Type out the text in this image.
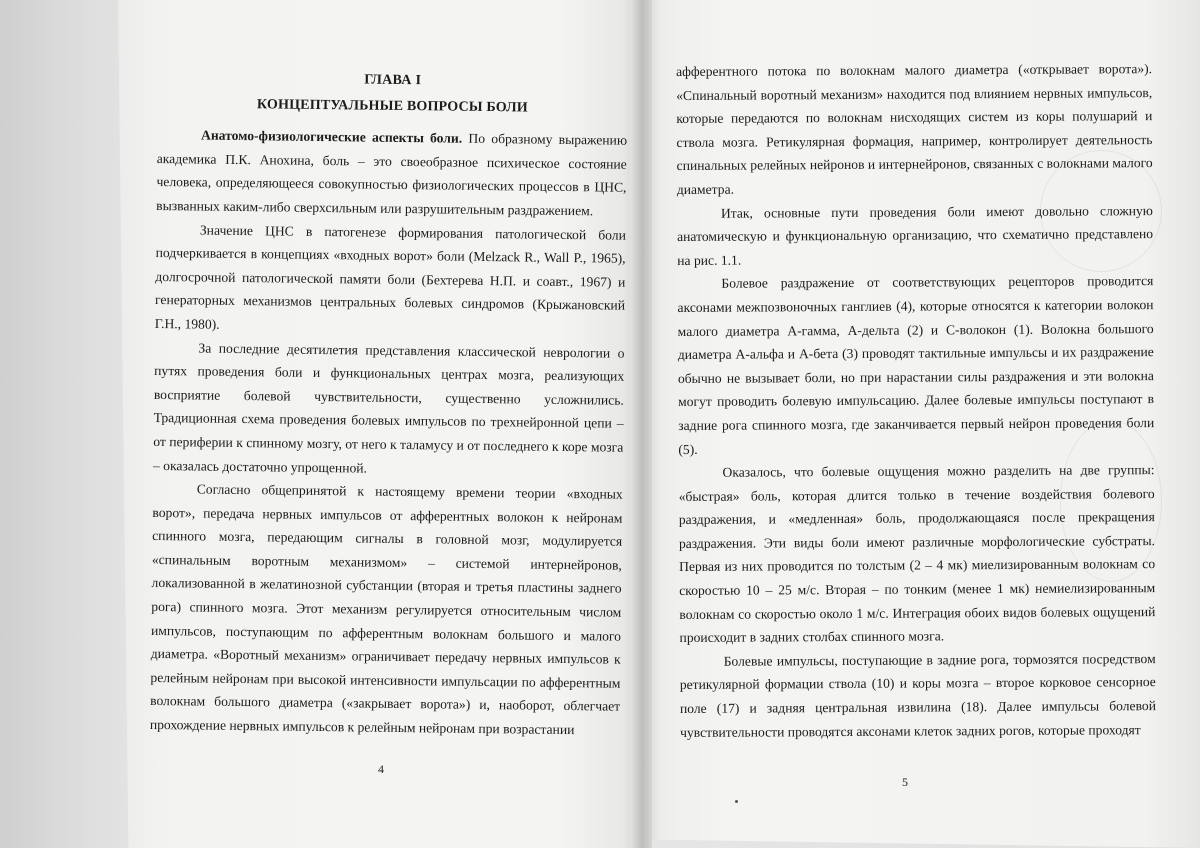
ГЛАВА I
КОНЦЕПТУАЛЬНЫЕ ВОПРОСЫ БОЛИ

Анатомо-физиологические аспекты боли. По образному выражению академика П.К. Анохина, боль – это своеобразное психическое состояние человека, определяющееся совокупностью физиологических процессов в ЦНС, вызванных каким-либо сверхсильным или разрушительным раздражением.

Значение ЦНС в патогенезе формирования патологической боли подчеркивается в концепциях «входных ворот» боли (Melzack R., Wall P., 1965), долгосрочной патологической памяти боли (Бехтерева Н.П. и соавт., 1967) и генераторных механизмов центральных болевых синдромов (Крыжановский Г.Н., 1980).

За последние десятилетия представления классической неврологии о путях проведения боли и функциональных центрах мозга, реализующих восприятие болевой чувствительности, существенно усложнились. Традиционная схема проведения болевых импульсов по трехнейронной цепи – от периферии к спинному мозгу, от него к таламусу и от последнего к коре мозга – оказалась достаточно упрощенной.

Согласно общепринятой к настоящему времени теории «входных ворот», передача нервных импульсов от афферентных волокон к нейронам спинного мозга, передающим сигналы в головной мозг, модулируется «спинальным воротным механизмом» – системой интернейронов, локализованной в желатинозной субстанции (вторая и третья пластины заднего рога) спинного мозга. Этот механизм регулируется относительным числом импульсов, поступающим по афферентным волокнам большого и малого диаметра. «Воротный механизм» ограничивает передачу нервных импульсов к релейным нейронам при высокой интенсивности импульсации по афферентным волокнам большого диаметра («закрывает ворота») и, наоборот, облегчает прохождение нервных импульсов к релейным нейронам при возрастании

4

афферентного потока по волокнам малого диаметра («открывает ворота»). «Спинальный воротный механизм» находится под влиянием нервных импульсов, которые передаются по волокнам нисходящих систем из коры полушарий и ствола мозга. Ретикулярная формация, например, контролирует деятельность спинальных релейных нейронов и интернейронов, связанных с волокнами малого диаметра.

Итак, основные пути проведения боли имеют довольно сложную анатомическую и функциональную организацию, что схематично представлено на рис. 1.1.

Болевое раздражение от соответствующих рецепторов проводится аксонами межпозвоночных ганглиев (4), которые относятся к категории волокон малого диаметра А-гамма, А-дельта (2) и С-волокон (1). Волокна большого диаметра А-альфа и А-бета (3) проводят тактильные импульсы и их раздражение обычно не вызывает боли, но при нарастании силы раздражения и эти волокна могут проводить болевую импульсацию. Далее болевые импульсы поступают в задние рога спинного мозга, где заканчивается первый нейрон проведения боли (5).

Оказалось, что болевые ощущения можно разделить на две группы: «быстрая» боль, которая длится только в течение воздействия болевого раздражения, и «медленная» боль, продолжающаяся после прекращения раздражения. Эти виды боли имеют различные морфологические субстраты. Первая из них проводится по толстым (2 – 4 мк) миелизированным волокнам со скоростью 10 – 25 м/с. Вторая – по тонким (менее 1 мк) немиелизированным волокнам со скоростью около 1 м/с. Интеграция обоих видов болевых ощущений происходит в задних столбах спинного мозга.

Болевые импульсы, поступающие в задние рога, тормозятся посредством ретикулярной формации ствола (10) и коры мозга – второе корковое сенсорное поле (17) и задняя центральная извилина (18). Далее импульсы болевой чувствительности проводятся аксонами клеток задних рогов, которые проходят

5
